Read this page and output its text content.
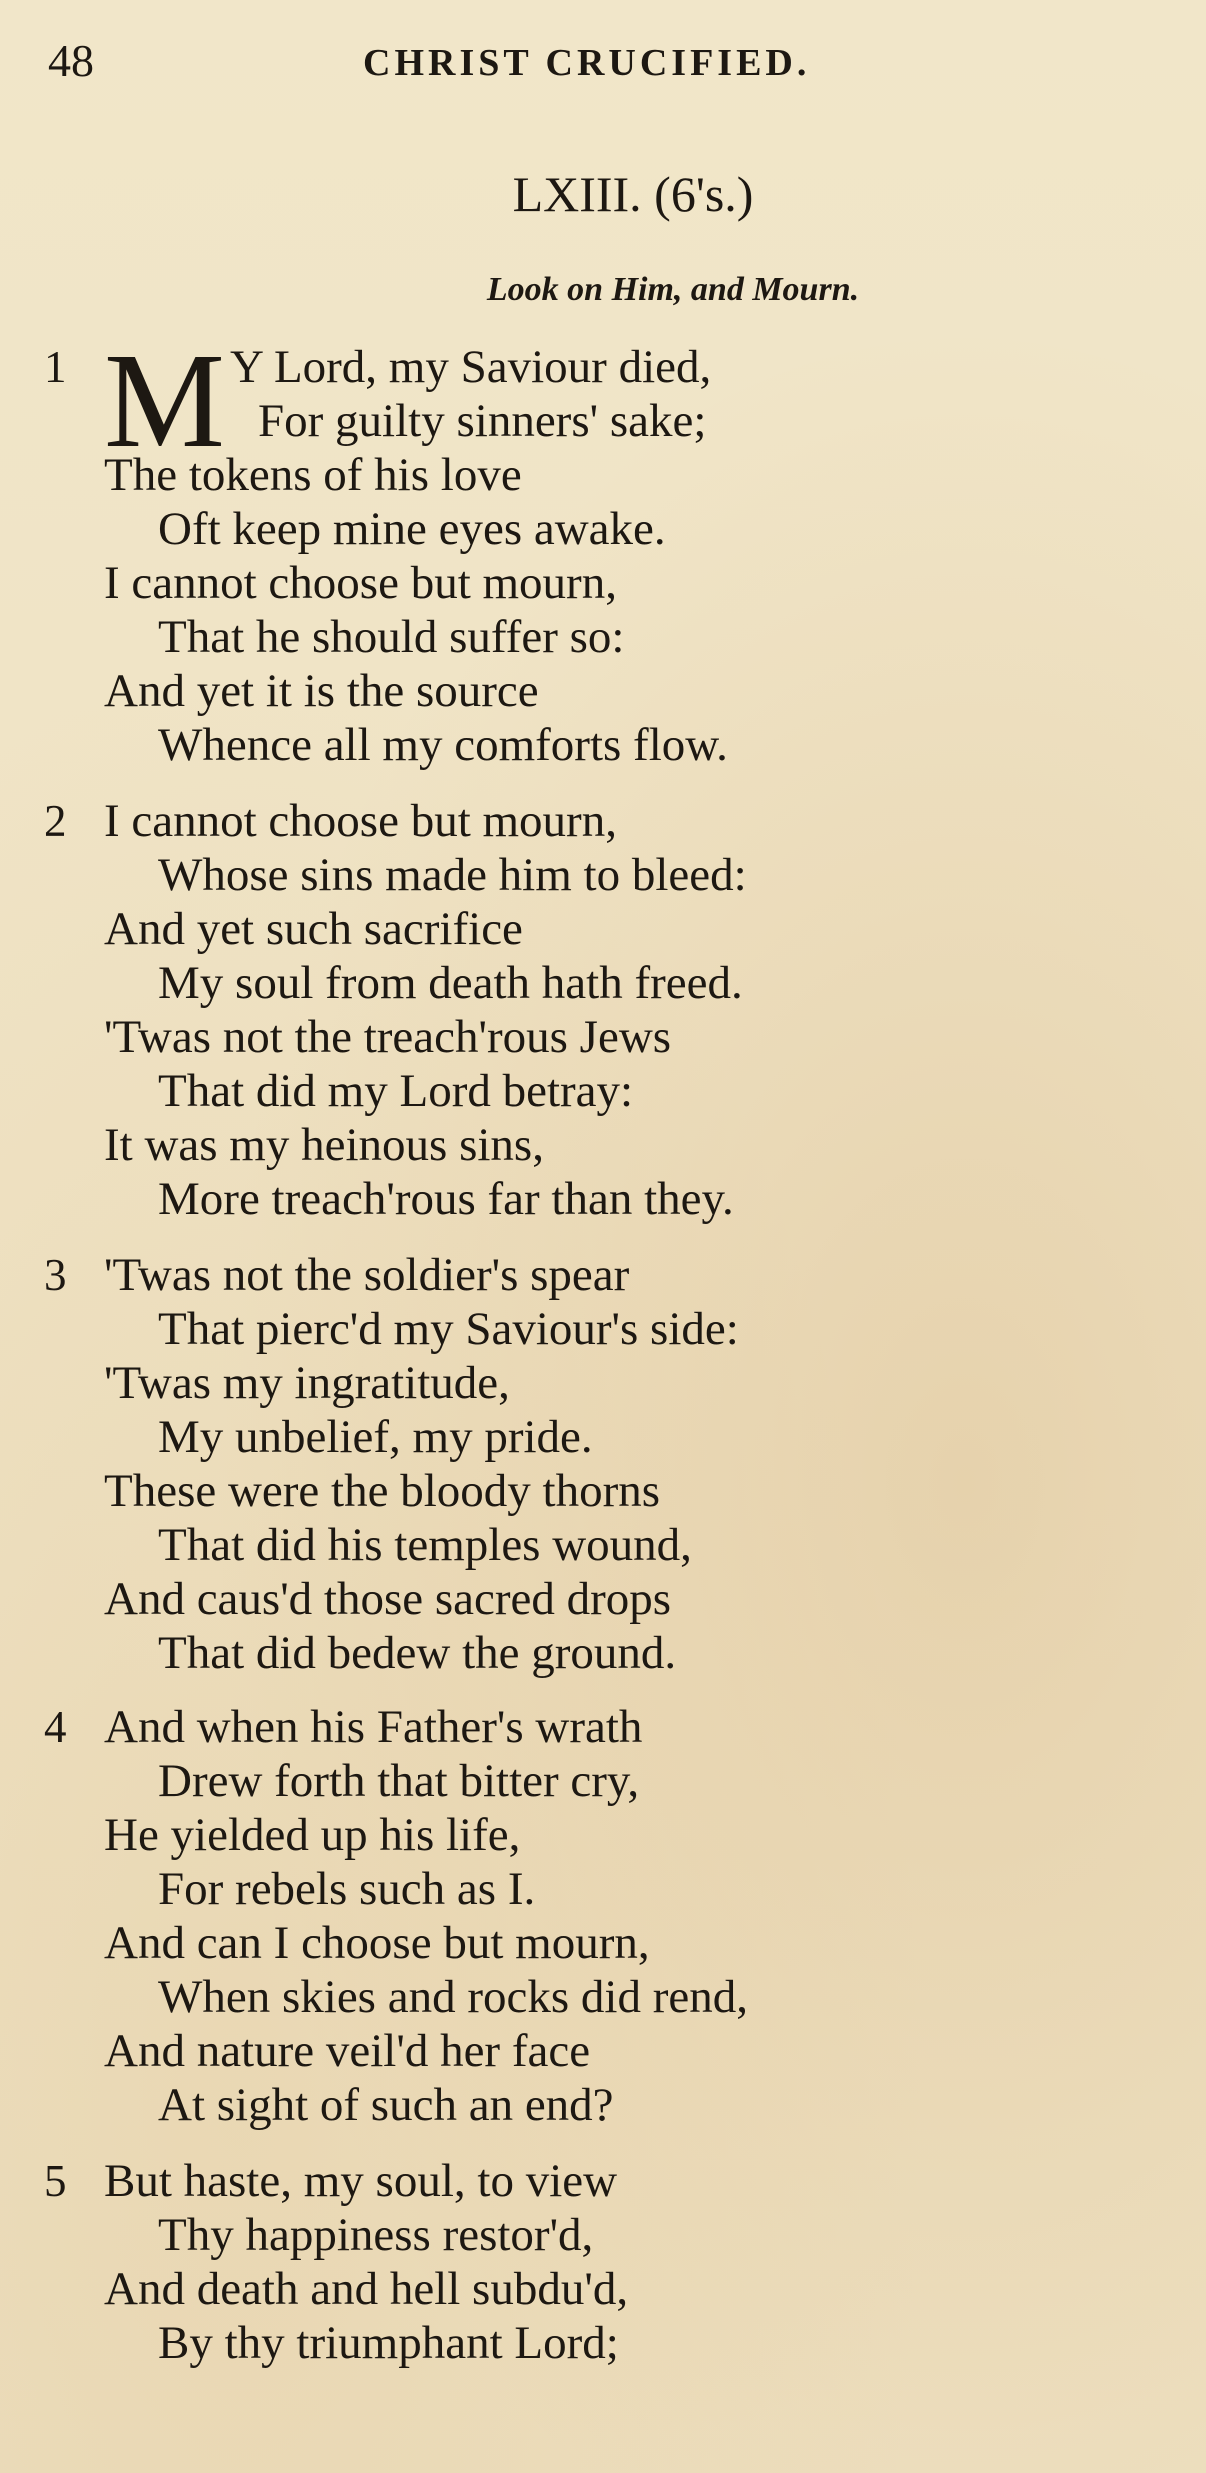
48	CHRIST CRUCIFIED.
LXIII. (6's.)
Look on Him, and Mourn.
1 M Y Lord, my Saviour died,
For guilty sinners' sake;
The tokens of his love
Oft keep mine eyes awake.
I cannot choose but mourn,
That he should suffer so:
And yet it is the source
Whence all my comforts flow.
2 I cannot choose but mourn,
Whose sins made him to bleed:
And yet such sacrifice
My soul from death hath freed.
'Twas not the treach'rous Jews
That did my Lord betray:
It was my heinous sins,
More treach'rous far than they.
3 'Twas not the soldier's spear
That pierc'd my Saviour's side:
'Twas my ingratitude,
My unbelief, my pride.
These were the bloody thorns
That did his temples wound,
And caus'd those sacred drops
That did bedew the ground.
4 And when his Father's wrath
Drew forth that bitter cry,
He yielded up his life,
For rebels such as I.
And can I choose but mourn,
When skies and rocks did rend,
And nature veil'd her face
At sight of such an end?
5 But haste, my soul, to view
Thy happiness restor'd,
And death and hell subdu'd,
By thy triumphant Lord;
